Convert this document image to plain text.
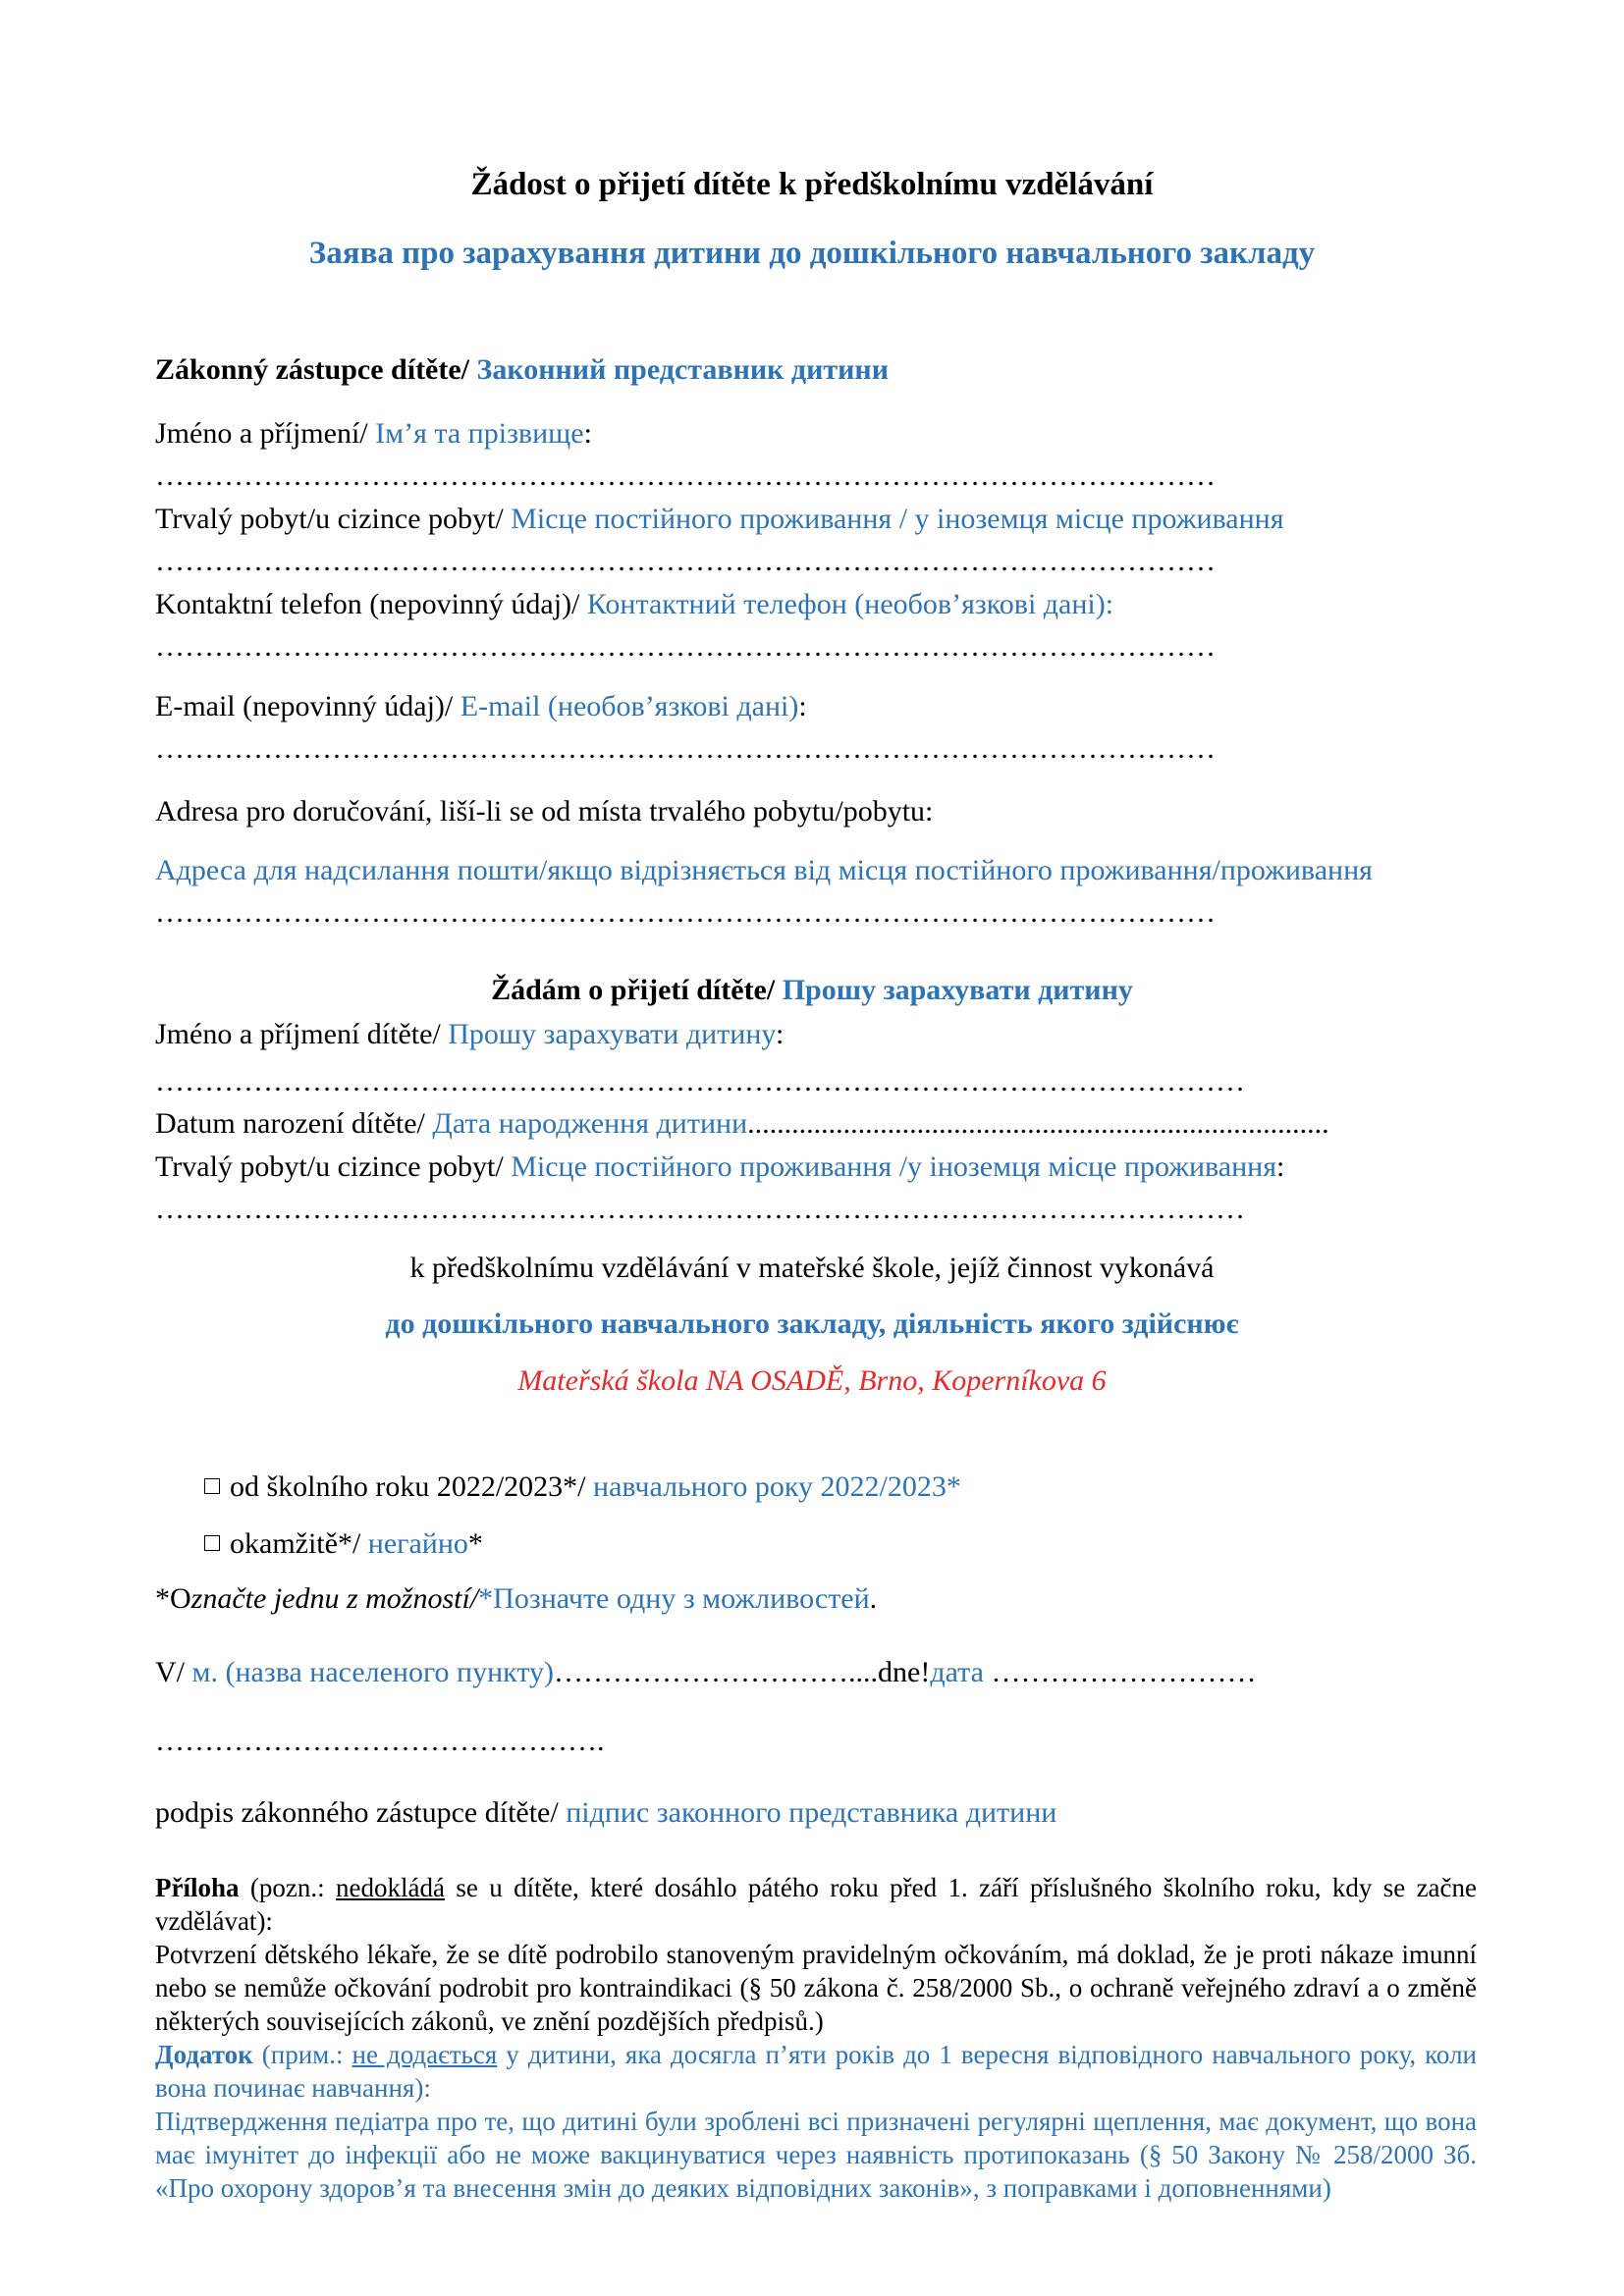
Žádost o přijetí dítěte k předškolnímu vzdělávání
Заява про зарахування дитини до дошкільного навчального закладу
Zákonný zástupce dítěte/ Законний представник дитини
Jméno a příjmení/ Ім’я та прізвище:
………………………………………………………………………………………………
Trvalý pobyt/u cizince pobyt/ Місце постійного проживання / у іноземця місце проживання
………………………………………………………………………………………………
Kontaktní telefon (nepovinný údaj)/ Контактний телефон (необов’язкові дані):
………………………………………………………………………………………………
E-mail (nepovinný údaj)/ E-mail (необов’язкові дані):
………………………………………………………………………………………………
Adresa pro doručování, liší-li se od místa trvalého pobytu/pobytu:
Адреса для надсилання пошти/якщо відрізняється від місця постійного проживання/проживання
………………………………………………………………………………………………
Žádám o přijetí dítěte/ Прошу зарахувати дитину
Jméno a příjmení dítěte/ Прошу зарахувати дитину:
…………………………………………………………………………………………………
Datum narození dítěte/ Дата народження дитини...............................................................................
Trvalý pobyt/u cizince pobyt/ Місце постійного проживання /у іноземця місце проживання:
…………………………………………………………………………………………………
k předškolnímu vzdělávání v mateřské škole, jejíž činnost vykonává
до дошкільного навчального закладу, діяльність якого здійснює
Mateřská škola NA OSADĚ, Brno, Koperníkova 6
od školního roku 2022/2023*/ навчального року 2022/2023*
okamžitě*/ негайно*
*Označte jednu z možností/*Позначте одну з можливостей.
V/ м. (назва населеного пункту)…………………………....dne!дата ………………………
……………………………………….
podpis zákonného zástupce dítěte/ підпис законного представника дитини
Příloha (pozn.: nedokládá se u dítěte, které dosáhlo pátého roku před 1. září příslušného školního roku, kdy se začne vzdělávat):
Potvrzení dětského lékaře, že se dítě podrobilo stanoveným pravidelným očkováním, má doklad, že je proti nákaze imunní nebo se nemůže očkování podrobit pro kontraindikaci (§ 50 zákona č. 258/2000 Sb., o ochraně veřejného zdraví a o změně některých souvisejících zákonů, ve znění pozdějších předpisů.)
Додаток (прим.: не додається у дитини, яка досягла п’яти років до 1 вересня відповідного навчального року, коли вона починає навчання):
Підтвердження педіатра про те, що дитині були зроблені всі призначені регулярні щеплення, має документ, що вона має імунітет до інфекції або не може вакцинуватися через наявність протипоказань (§ 50 Закону № 258/2000 Зб. «Про охорону здоров’я та внесення змін до деяких відповідних законів», з поправками і доповненнями)
